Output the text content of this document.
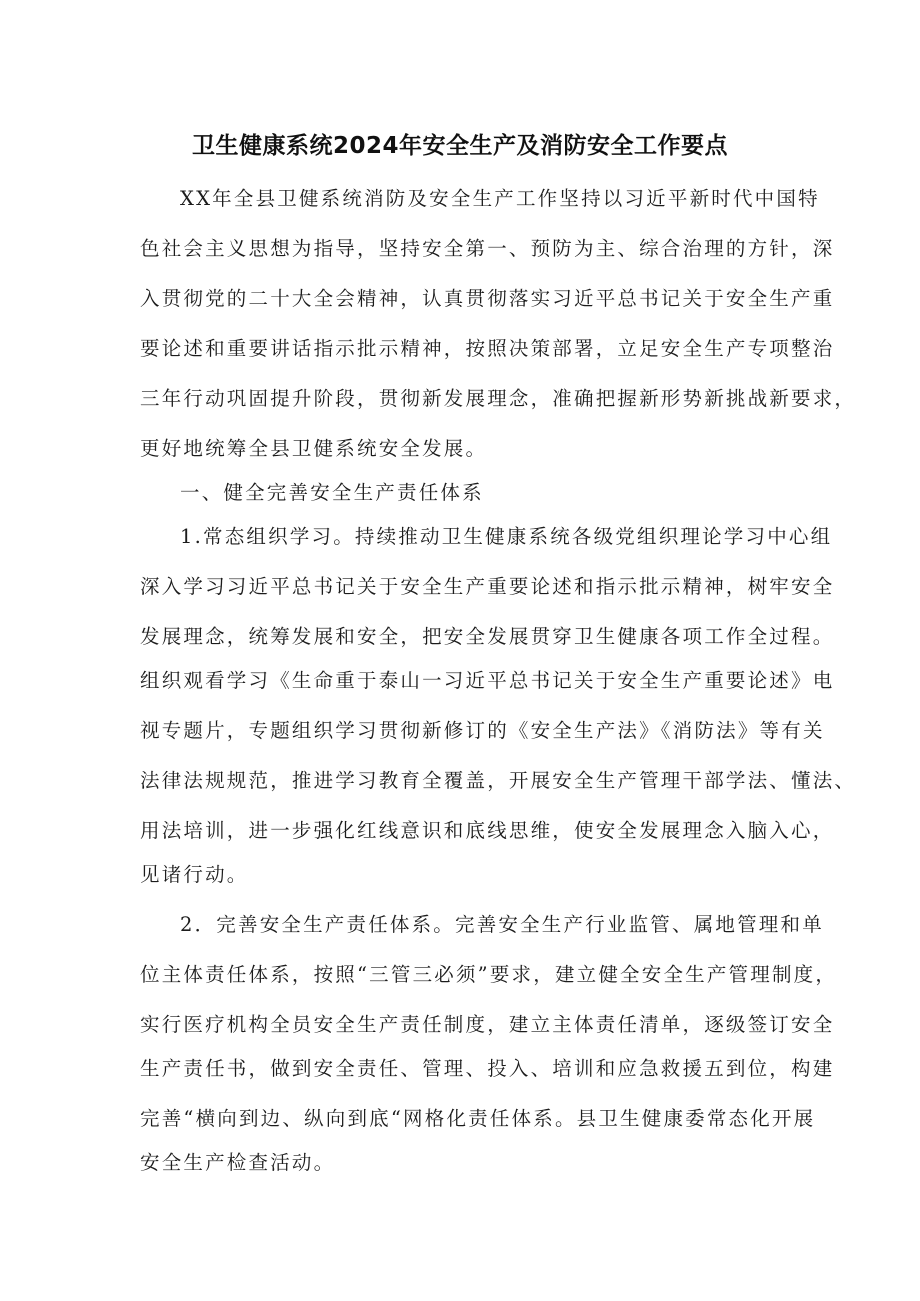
卫生健康系统2024年安全生产及消防安全工作要点
XX年全县卫健系统消防及安全生产工作坚持以习近平新时代中国特
色社会主义思想为指导，坚持安全第一、预防为主、综合治理的方针，深
入贯彻党的二十大全会精神，认真贯彻落实习近平总书记关于安全生产重
要论述和重要讲话指示批示精神，按照决策部署，立足安全生产专项整治
三年行动巩固提升阶段，贯彻新发展理念，准确把握新形势新挑战新要求，
更好地统筹全县卫健系统安全发展。
一、健全完善安全生产责任体系
1.常态组织学习。持续推动卫生健康系统各级党组织理论学习中心组
深入学习习近平总书记关于安全生产重要论述和指示批示精神，树牢安全
发展理念，统筹发展和安全，把安全发展贯穿卫生健康各项工作全过程。
组织观看学习《生命重于泰山一习近平总书记关于安全生产重要论述》电
视专题片，专题组织学习贯彻新修订的《安全生产法》《消防法》等有关
法律法规规范，推进学习教育全覆盖，开展安全生产管理干部学法、懂法、
用法培训，进一步强化红线意识和底线思维，使安全发展理念入脑入心，
见诸行动。
2．完善安全生产责任体系。完善安全生产行业监管、属地管理和单
位主体责任体系，按照“三管三必须”要求，建立健全安全生产管理制度，
实行医疗机构全员安全生产责任制度，建立主体责任清单，逐级签订安全
生产责任书，做到安全责任、管理、投入、培训和应急救援五到位，构建
完善“横向到边、纵向到底“网格化责任体系。县卫生健康委常态化开展
安全生产检查活动。
